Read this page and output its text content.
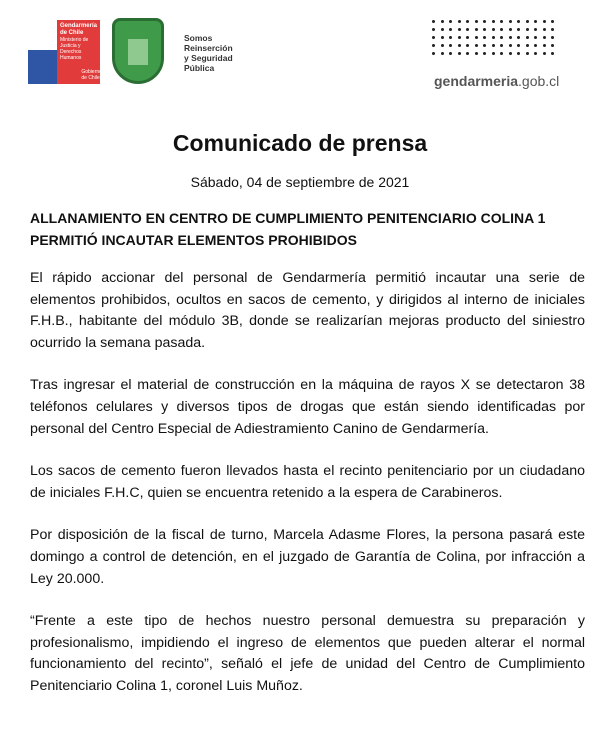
Gendarmería de Chile
Ministerio de Justicia y Derechos Humanos
Gobierno de Chile
Somos
Reinserción
y Seguridad
Pública
gendarmeria.gob.cl
Comunicado de prensa
Sábado, 04 de septiembre de 2021
ALLANAMIENTO EN CENTRO DE CUMPLIMIENTO PENITENCIARIO COLINA 1 PERMITIÓ INCAUTAR ELEMENTOS PROHIBIDOS

El rápido accionar del personal de Gendarmería permitió incautar una serie de elementos prohibidos, ocultos en sacos de cemento, y dirigidos al interno de iniciales F.H.B., habitante del módulo 3B, donde se realizarían mejoras producto del siniestro ocurrido la semana pasada.

Tras ingresar el material de construcción en la máquina de rayos X se detectaron 38 teléfonos celulares y diversos tipos de drogas que están siendo identificadas por personal del Centro Especial de Adiestramiento Canino de Gendarmería.

Los sacos de cemento fueron llevados hasta el recinto penitenciario por un ciudadano de iniciales F.H.C, quien se encuentra retenido a la espera de Carabineros.

Por disposición de la fiscal de turno, Marcela Adasme Flores, la persona pasará este domingo a control de detención, en el juzgado de Garantía de Colina, por infracción a Ley 20.000.

“Frente a este tipo de hechos nuestro personal demuestra su preparación y profesionalismo, impidiendo el ingreso de elementos que pueden alterar el normal funcionamiento del recinto”, señaló el jefe de unidad del Centro de Cumplimiento Penitenciario Colina 1, coronel Luis Muñoz.
